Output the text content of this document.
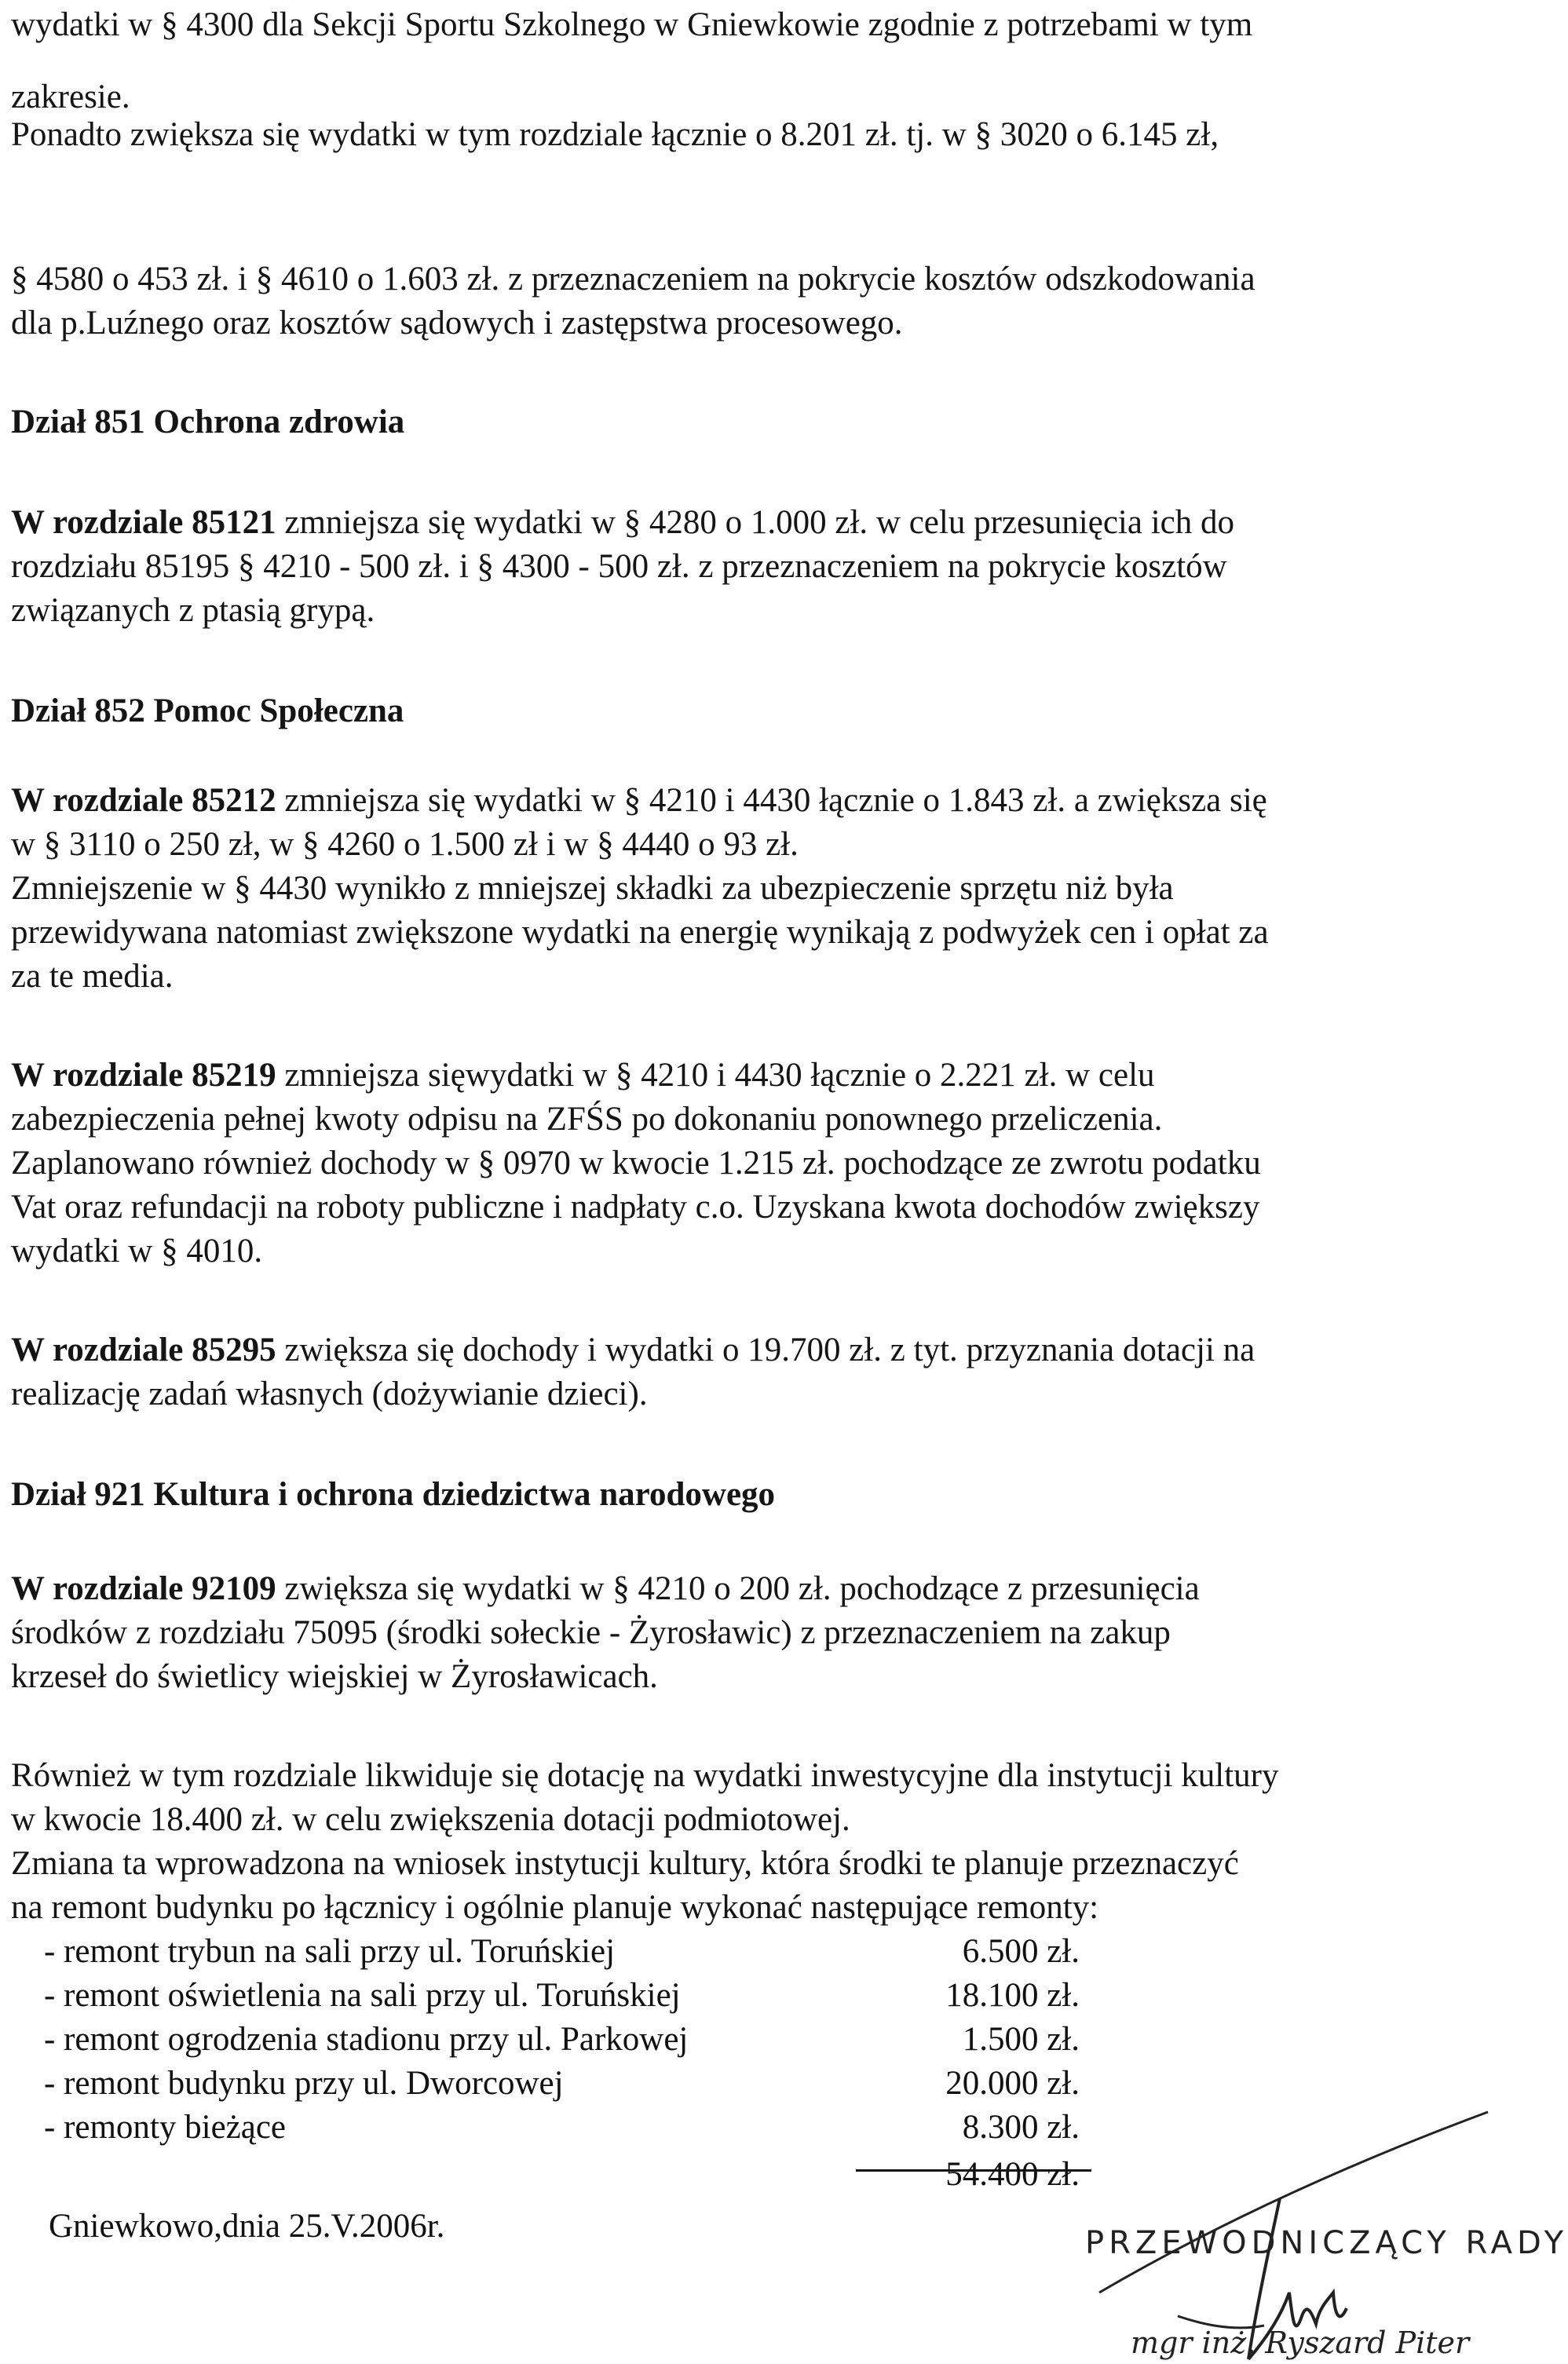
wydatki w § 4300 dla Sekcji Sportu Szkolnego w Gniewkowie zgodnie z potrzebami w tym

zakresie.

Ponadto zwiększa się wydatki w tym rozdziale łącznie o 8.201 zł. tj. w § 3020 o 6.145 zł,

§ 4580 o 453 zł. i § 4610 o 1.603 zł. z przeznaczeniem na pokrycie kosztów odszkodowania

dla p.Luźnego oraz kosztów sądowych i zastępstwa procesowego.

Dział 851 Ochrona zdrowia

W rozdziale 85121 zmniejsza się wydatki w § 4280 o 1.000 zł. w celu przesunięcia ich do

rozdziału 85195 § 4210 - 500 zł. i § 4300 - 500 zł. z przeznaczeniem na pokrycie kosztów

związanych z ptasią grypą.

Dział 852 Pomoc Społeczna

W rozdziale 85212 zmniejsza się wydatki w § 4210 i 4430 łącznie o 1.843 zł. a zwiększa się

w § 3110 o 250 zł, w § 4260 o 1.500 zł i w § 4440 o 93 zł.

Zmniejszenie w § 4430 wynikło z mniejszej składki za ubezpieczenie sprzętu niż była

przewidywana natomiast zwiększone wydatki na energię wynikają z podwyżek cen i opłat za

za te media.

W rozdziale 85219 zmniejsza sięwydatki w § 4210 i 4430 łącznie o 2.221 zł. w celu

zabezpieczenia pełnej kwoty odpisu na ZFŚS po dokonaniu ponownego przeliczenia.

Zaplanowano również dochody w § 0970 w kwocie 1.215 zł. pochodzące ze zwrotu podatku

Vat oraz refundacji na roboty publiczne i nadpłaty c.o. Uzyskana kwota dochodów zwiększy

wydatki w § 4010.

W rozdziale 85295 zwiększa się dochody i wydatki o 19.700 zł. z tyt. przyznania dotacji na

realizację zadań własnych (dożywianie dzieci).

Dział 921 Kultura i ochrona dziedzictwa narodowego

W rozdziale 92109 zwiększa się wydatki w § 4210 o 200 zł. pochodzące z przesunięcia

środków z rozdziału 75095 (środki sołeckie - Żyrosławic) z przeznaczeniem na zakup

krzeseł do świetlicy wiejskiej w Żyrosławicach.

Również w tym rozdziale likwiduje się dotację na wydatki inwestycyjne dla instytucji kultury

w kwocie 18.400 zł. w celu zwiększenia dotacji podmiotowej.

Zmiana ta wprowadzona na wniosek instytucji kultury, która środki te planuje przeznaczyć

na remont budynku po łącznicy i ogólnie planuje wykonać następujące remonty:

- remont trybun na sali przy ul. Toruńskiej	6.500 zł.

- remont oświetlenia na sali przy ul. Toruńskiej	18.100 zł.

- remont ogrodzenia stadionu przy ul. Parkowej	1.500 zł.

- remont budynku przy ul. Dworcowej	20.000 zł.

- remonty bieżące	8.300 zł.

54.400 zł.

Gniewkowo,dnia 25.V.2006r.	PRZEWODNICZĄCY RADY
mgr inż. Ryszard Piter
